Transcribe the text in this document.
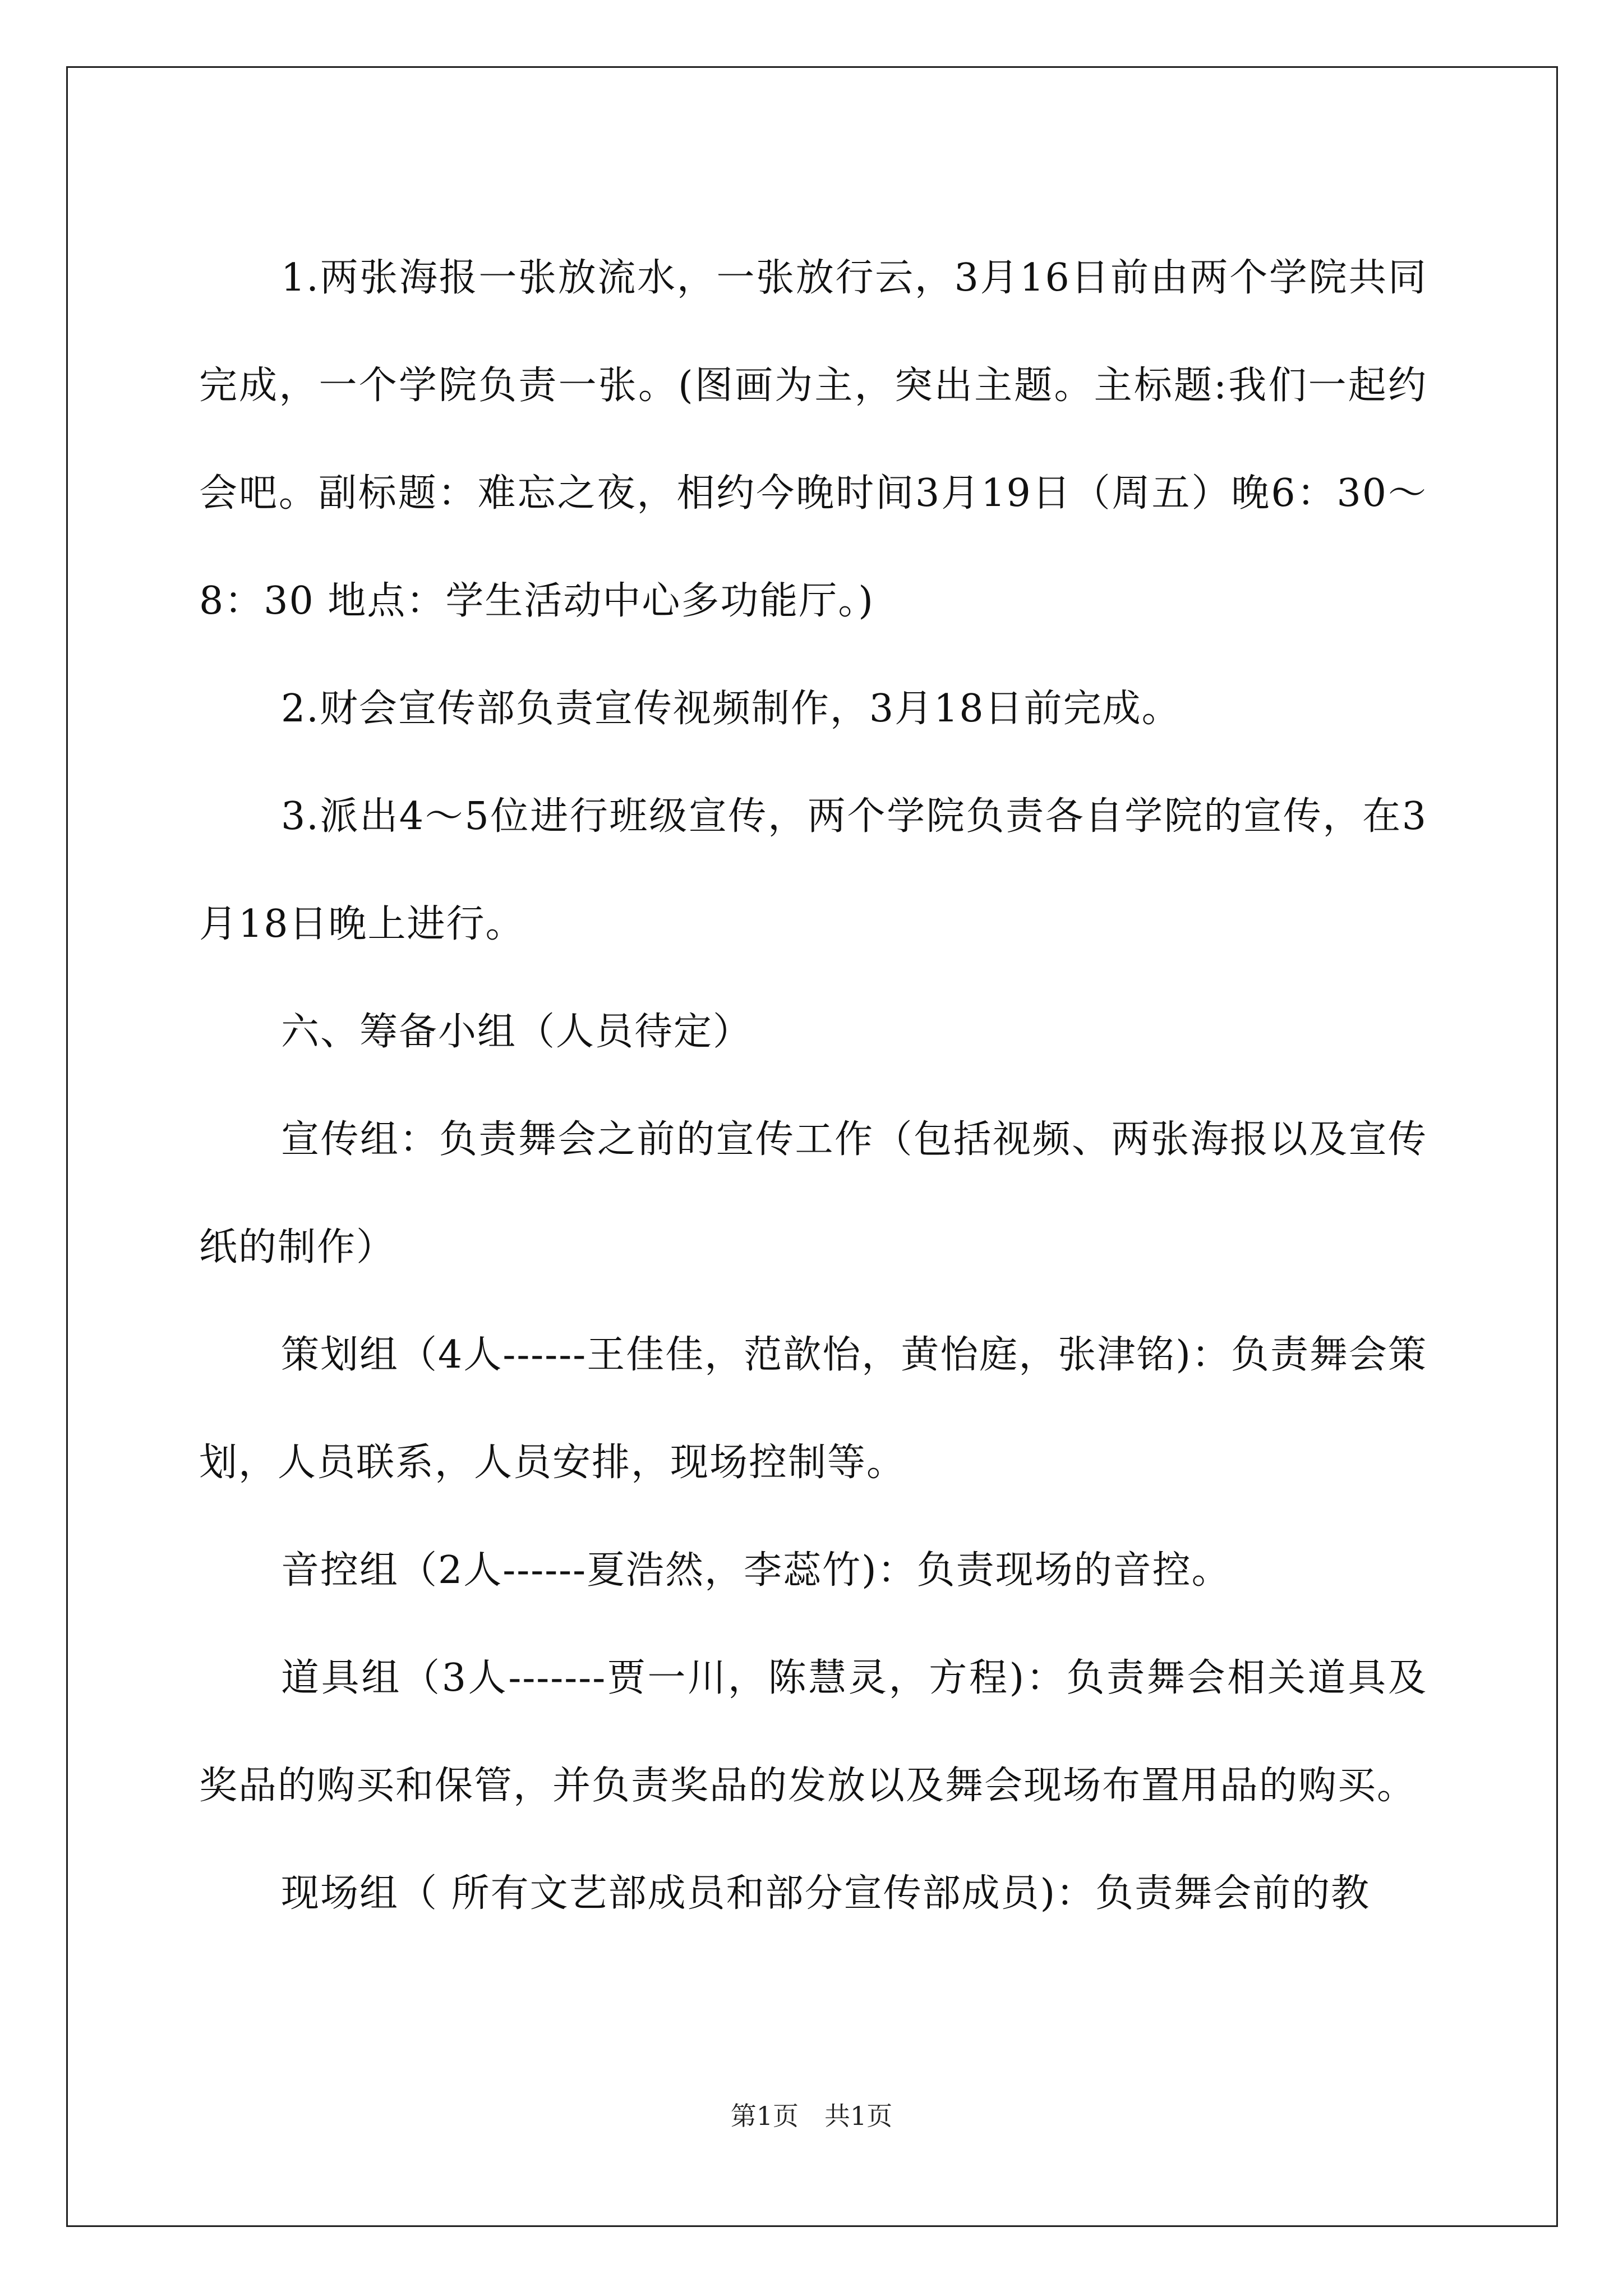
1.两张海报一张放流水，一张放行云，3月16日前由两个学院共同完成，一个学院负责一张。(图画为主，突出主题。主标题:我们一起约会吧。副标题：难忘之夜，相约今晚时间3月19日（周五）晚6：30～8：30 地点：学生活动中心多功能厅。)

2.财会宣传部负责宣传视频制作，3月18日前完成。

3.派出4～5位进行班级宣传，两个学院负责各自学院的宣传，在3月18日晚上进行。

六、筹备小组（人员待定）

宣传组：负责舞会之前的宣传工作（包括视频、两张海报以及宣传纸的制作）

策划组（4人------王佳佳，范歆怡，黄怡庭，张津铭)：负责舞会策划，人员联系，人员安排，现场控制等。

音控组（2人------夏浩然，李蕊竹)：负责现场的音控。

道具组（3人-------贾一川，陈慧灵，方程)：负责舞会相关道具及奖品的购买和保管，并负责奖品的发放以及舞会现场布置用品的购买。

现场组（ 所有文艺部成员和部分宣传部成员)：负责舞会前的教

第1页　共1页
